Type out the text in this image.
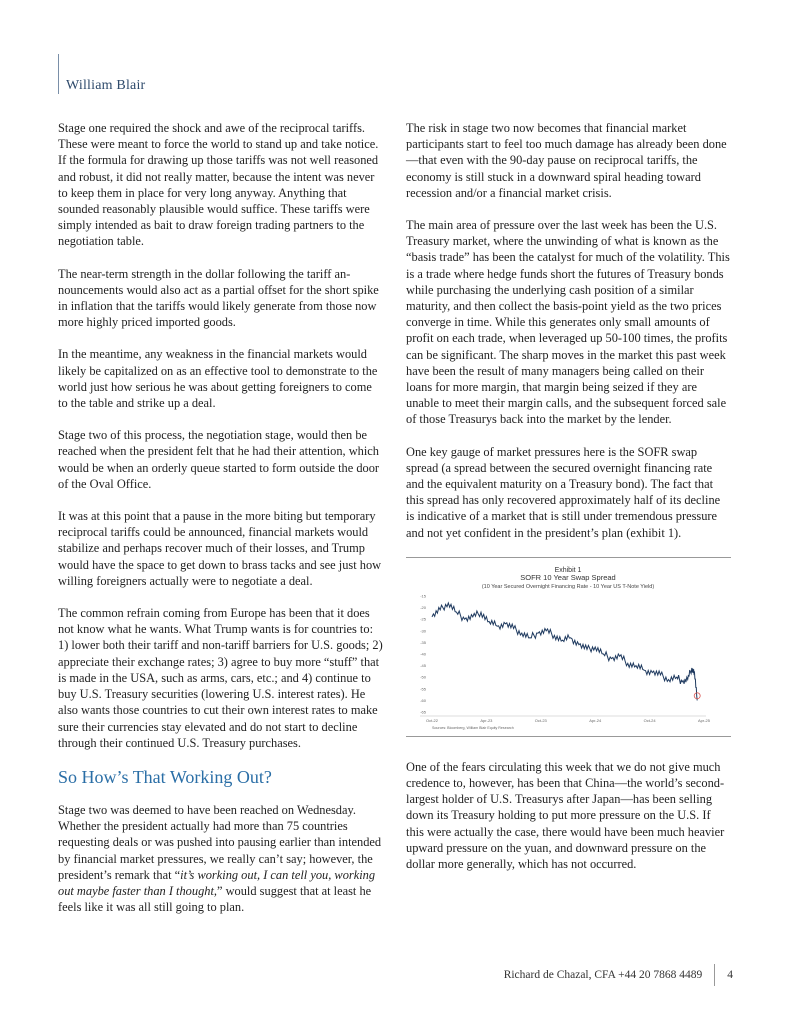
William Blair

Stage one required the shock and awe of the reciprocal tariffs. These were meant to force the world to stand up and take notice. If the formula for drawing up those tariffs was not well reasoned and robust, it did not really matter, because the intent was never to keep them in place for very long anyway. Anything that sounded reasonably plausible would suffice. These tariffs were simply intended as bait to draw foreign trading partners to the negotiation table.

The near-term strength in the dollar following the tariff announcements would also act as a partial offset for the short spike in inflation that the tariffs would likely generate from those now more highly priced imported goods.

In the meantime, any weakness in the financial markets would likely be capitalized on as an effective tool to demonstrate to the world just how serious he was about getting foreigners to come to the table and strike up a deal.

Stage two of this process, the negotiation stage, would then be reached when the president felt that he had their attention, which would be when an orderly queue started to form outside the door of the Oval Office.

It was at this point that a pause in the more biting but temporary reciprocal tariffs could be announced, financial markets would stabilize and perhaps recover much of their losses, and Trump would have the space to get down to brass tacks and see just how willing foreigners actually were to negotiate a deal.

The common refrain coming from Europe has been that it does not know what he wants. What Trump wants is for countries to: 1) lower both their tariff and non-tariff barriers for U.S. goods; 2) appreciate their exchange rates; 3) agree to buy more “stuff” that is made in the USA, such as arms, cars, etc.; and 4) continue to buy U.S. Treasury securities (lowering U.S. interest rates). He also wants those countries to cut their own interest rates to make sure their currencies stay elevated and do not start to decline through their continued U.S. Treasury purchases.

So How’s That Working Out?

Stage two was deemed to have been reached on Wednesday. Whether the president actually had more than 75 countries requesting deals or was pushed into pausing earlier than intended by financial market pressures, we really can’t say; however, the president’s remark that “it’s working out, I can tell you, working out maybe faster than I thought,” would suggest that at least he feels like it was all still going to plan.

The risk in stage two now becomes that financial market participants start to feel too much damage has already been done—that even with the 90-day pause on reciprocal tariffs, the economy is still stuck in a downward spiral heading toward recession and/or a financial market crisis.

The main area of pressure over the last week has been the U.S. Treasury market, where the unwinding of what is known as the “basis trade” has been the catalyst for much of the volatility. This is a trade where hedge funds short the futures of Treasury bonds while purchasing the underlying cash position of a similar maturity, and then collect the basis-point yield as the two prices converge in time. While this generates only small amounts of profit on each trade, when leveraged up 50-100 times, the profits can be significant. The sharp moves in the market this past week have been the result of many managers being called on their loans for more margin, that margin being seized if they are unable to meet their margin calls, and the subsequent forced sale of those Treasurys back into the market by the lender.

One key gauge of market pressures here is the SOFR swap spread (a spread between the secured overnight financing rate and the equivalent maturity on a Treasury bond). The fact that this spread has only recovered approximately half of its decline is indicative of a market that is still under tremendous pressure and not yet confident in the president’s plan (exhibit 1).

Exhibit 1
SOFR 10 Year Swap Spread
(10 Year Secured Overnight Financing Rate - 10 Year US T-Note Yield)
-15
-20
-25
-30
-35
-40
-45
-50
-55
-60
-65
Oct-22	Apr-23	Oct-23	Apr-24	Oct-24	Apr-25
Sources: Bloomberg, William Blair Equity Research

One of the fears circulating this week that we do not give much credence to, however, has been that China—the world’s second-largest holder of U.S. Treasurys after Japan—has been selling down its Treasury holding to put more pressure on the U.S. If this were actually the case, there would have been much heavier upward pressure on the yuan, and downward pressure on the dollar more generally, which has not occurred.

Richard de Chazal, CFA +44 20 7868 4489 4
